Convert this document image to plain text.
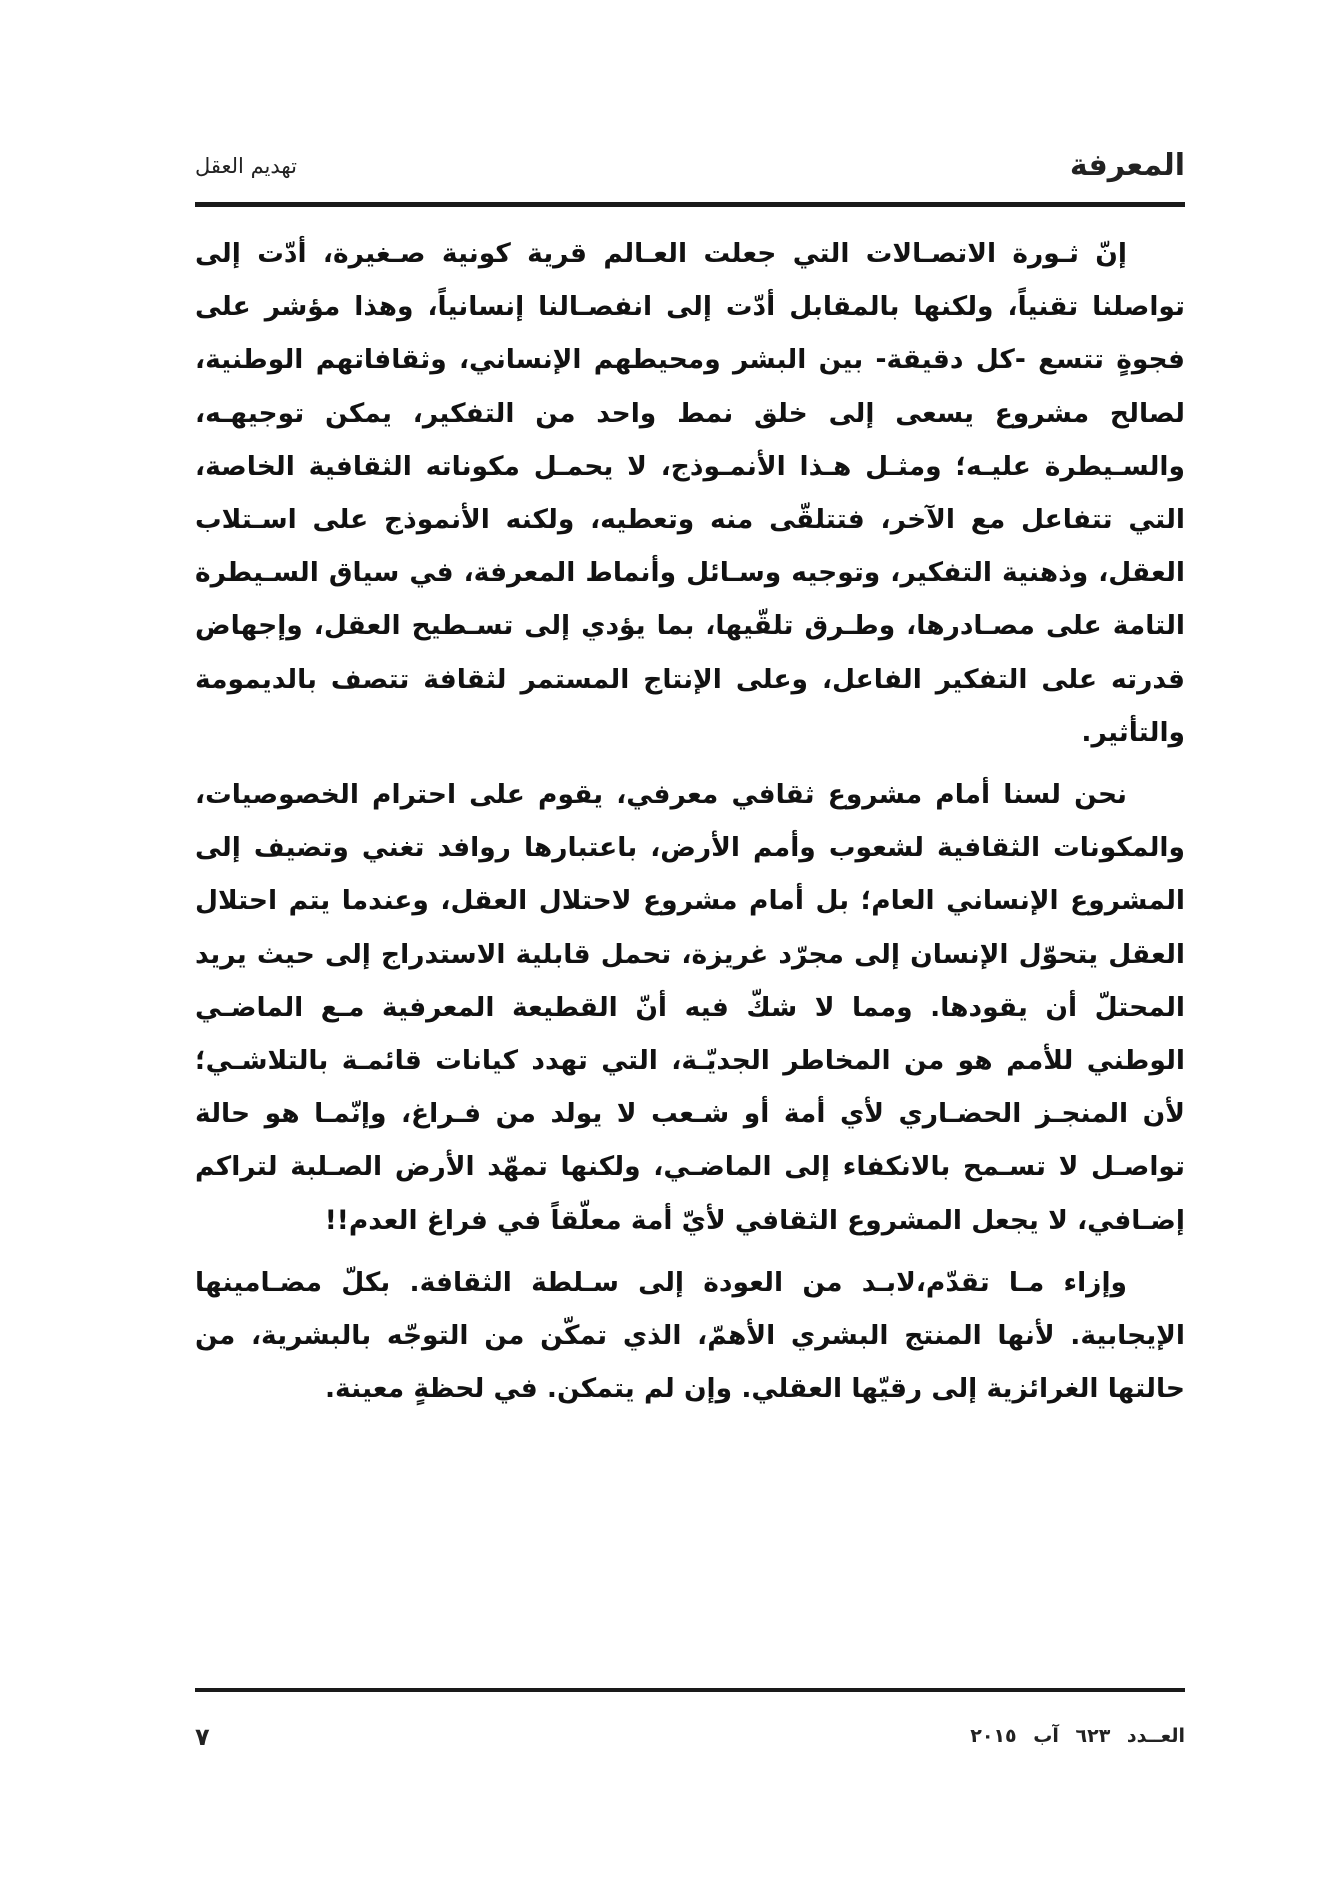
المعرفة
تهديم العقل

إنّ ثـورة الاتصـالات التي جعلت العـالم قرية كونية صـغيرة، أدّت إلى تواصلنا تقنياً، ولكنها بالمقابل أدّت إلى انفصـالنا إنسانياً، وهذا مؤشر على فجوةٍ تتسع -كل دقيقة- بين البشر ومحيطهم الإنساني، وثقافاتهم الوطنية، لصالح مشروع يسعى إلى خلق نمط واحد من التفكير، يمكن توجيهـه، والسـيطرة عليـه؛ ومثـل هـذا الأنمـوذج، لا يحمـل مكوناته الثقافية الخاصة، التي تتفاعل مع الآخر، فتتلقّى منه وتعطيه، ولكنه الأنموذج على اسـتلاب العقل، وذهنية التفكير، وتوجيه وسـائل وأنماط المعرفة، في سياق السـيطرة التامة على مصـادرها، وطـرق تلقّيها، بما يؤدي إلى تسـطيح العقل، وإجهاض قدرته على التفكير الفاعل، وعلى الإنتاج المستمر لثقافة تتصف بالديمومة والتأثير.

نحن لسنا أمام مشروع ثقافي معرفي، يقوم على احترام الخصوصيات، والمكونات الثقافية لشعوب وأمم الأرض، باعتبارها روافد تغني وتضيف إلى المشروع الإنساني العام؛ بل أمام مشروع لاحتلال العقل، وعندما يتم احتلال العقل يتحوّل الإنسان إلى مجرّد غريزة، تحمل قابلية الاستدراج إلى حيث يريد المحتلّ أن يقودها. ومما لا شكّ فيه أنّ القطيعة المعرفية مـع الماضـي الوطني للأمم هو من المخاطر الجديّـة، التي تهدد كيانات قائمـة بالتلاشـي؛ لأن المنجـز الحضـاري لأي أمة أو شـعب لا يولد من فـراغ، وإنّمـا هو حالة تواصـل لا تسـمح بالانكفاء إلى الماضـي، ولكنها تمهّد الأرض الصـلبة لتراكم إضـافي، لا يجعل المشروع الثقافي لأيّ أمة معلّقاً في فراغ العدم!!

وإزاء مـا تقدّم،لابـد من العودة إلى سـلطة الثقافة. بكلّ مضـامينها الإيجابية. لأنها المنتج البشري الأهمّ، الذي تمكّن من التوجّه بالبشرية، من حالتها الغرائزية إلى رقيّها العقلي. وإن لم يتمكن. في لحظةٍ معينة.

العــدد ٦٢٣ آب ٢٠١٥
٧
